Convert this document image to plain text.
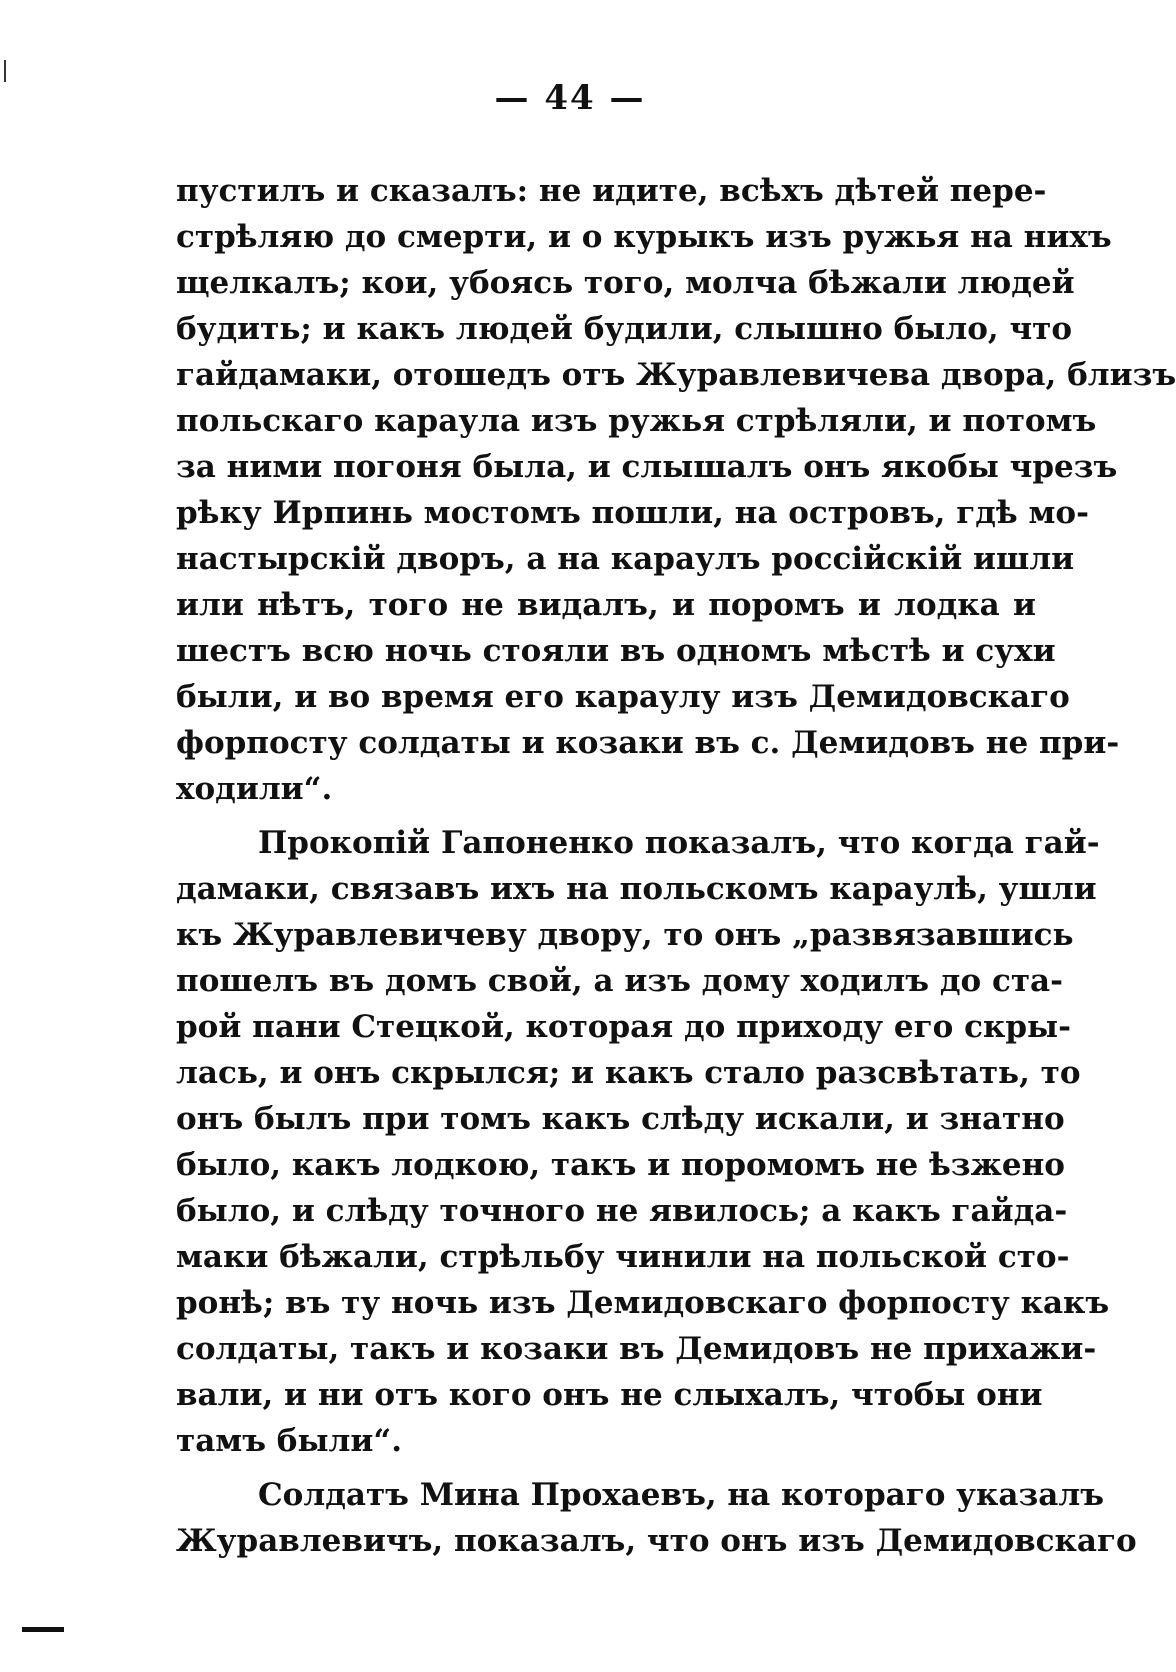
— 44 —
пустилъ и сказалъ: не идите, всѣхъ дѣтей пере-
стрѣляю до смерти, и о курыкъ изъ ружья на нихъ
щелкалъ; кои, убоясь того, молча бѣжали людей
будить; и какъ людей будили, слышно было, что
гайдамаки, отошедъ отъ Журавлевичева двора, близъ
польскаго караула изъ ружья стрѣляли, и потомъ
за ними погоня была, и слышалъ онъ якобы чрезъ
рѣку Ирпинь мостомъ пошли, на островъ, гдѣ мо-
настырскій дворъ, а на караулъ россійскій ишли
или нѣтъ, того не видалъ, и поромъ и лодка и
шестъ всю ночь стояли въ одномъ мѣстѣ и сухи
были, и во время его караулу изъ Демидовскаго
форпосту солдаты и козаки въ с. Демидовъ не при-
ходили“.
Прокопій Гапоненко показалъ, что когда гай-
дамаки, связавъ ихъ на польскомъ караулѣ, ушли
къ Журавлевичеву двору, то онъ „развязавшись
пошелъ въ домъ свой, а изъ дому ходилъ до ста-
рой пани Стецкой, которая до приходу его скры-
лась, и онъ скрылся; и какъ стало разсвѣтать, то
онъ былъ при томъ какъ слѣду искали, и знатно
было, какъ лодкою, такъ и поромомъ не ѣзжено
было, и слѣду точного не явилось; а какъ гайда-
маки бѣжали, стрѣльбу чинили на польской сто-
ронѣ; въ ту ночь изъ Демидовскаго форпосту какъ
солдаты, такъ и козаки въ Демидовъ не прихажи-
вали, и ни отъ кого онъ не слыхалъ, чтобы они
тамъ были“.
Солдатъ Мина Прохаевъ, на котораго указалъ
Журавлевичъ, показалъ, что онъ изъ Демидовскаго
